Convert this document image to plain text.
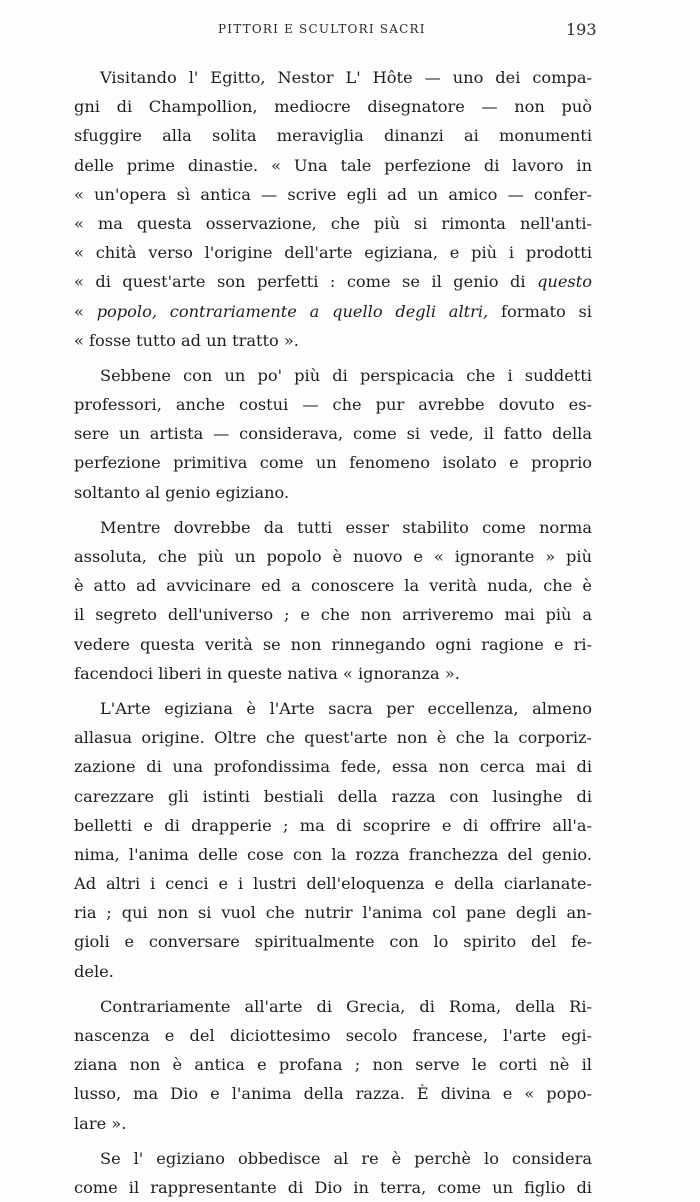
PITTORI E SCULTORI SACRI	193
Visitando l' Egitto, Nestor L' Hôte — uno dei compa-
gni di Champollion, mediocre disegnatore — non può
sfuggire alla solita meraviglia dinanzi ai monumenti
delle prime dinastie. « Una tale perfezione di lavoro in
« un'opera sì antica — scrive egli ad un amico — confer-
« ma questa osservazione, che più si rimonta nell'anti-
« chità verso l'origine dell'arte egiziana, e più i prodotti
« di quest'arte son perfetti : come se il genio di questo
« popolo, contrariamente a quello degli altri, formato si
« fosse tutto ad un tratto ».
Sebbene con un po' più di perspicacia che i suddetti
professori, anche costui — che pur avrebbe dovuto es-
sere un artista — considerava, come si vede, il fatto della
perfezione primitiva come un fenomeno isolato e proprio
soltanto al genio egiziano.
Mentre dovrebbe da tutti esser stabilito come norma
assoluta, che più un popolo è nuovo e « ignorante » più
è atto ad avvicinare ed a conoscere la verità nuda, che è
il segreto dell'universo ; e che non arriveremo mai più a
vedere questa verità se non rinnegando ogni ragione e ri-
facendoci liberi in queste nativa « ignoranza ».
L'Arte egiziana è l'Arte sacra per eccellenza, almeno
allasua origine. Oltre che quest'arte non è che la corporiz-
zazione di una profondissima fede, essa non cerca mai di
carezzare gli istinti bestiali della razza con lusinghe di
belletti e di drapperie ; ma di scoprire e di offrire all'a-
nima, l'anima delle cose con la rozza franchezza del genio.
Ad altri i cenci e i lustri dell'eloquenza e della ciarlanate-
ria ; qui non si vuol che nutrir l'anima col pane degli an-
gioli e conversare spiritualmente con lo spirito del fe-
dele.
Contrariamente all'arte di Grecia, di Roma, della Ri-
nascenza e del diciottesimo secolo francese, l'arte egi-
ziana non è antica e profana ; non serve le corti nè il
lusso, ma Dio e l'anima della razza. È divina e « popo-
lare ».
Se l' egiziano obbedisce al re è perchè lo considera
come il rappresentante di Dio in terra, come un figlio di
